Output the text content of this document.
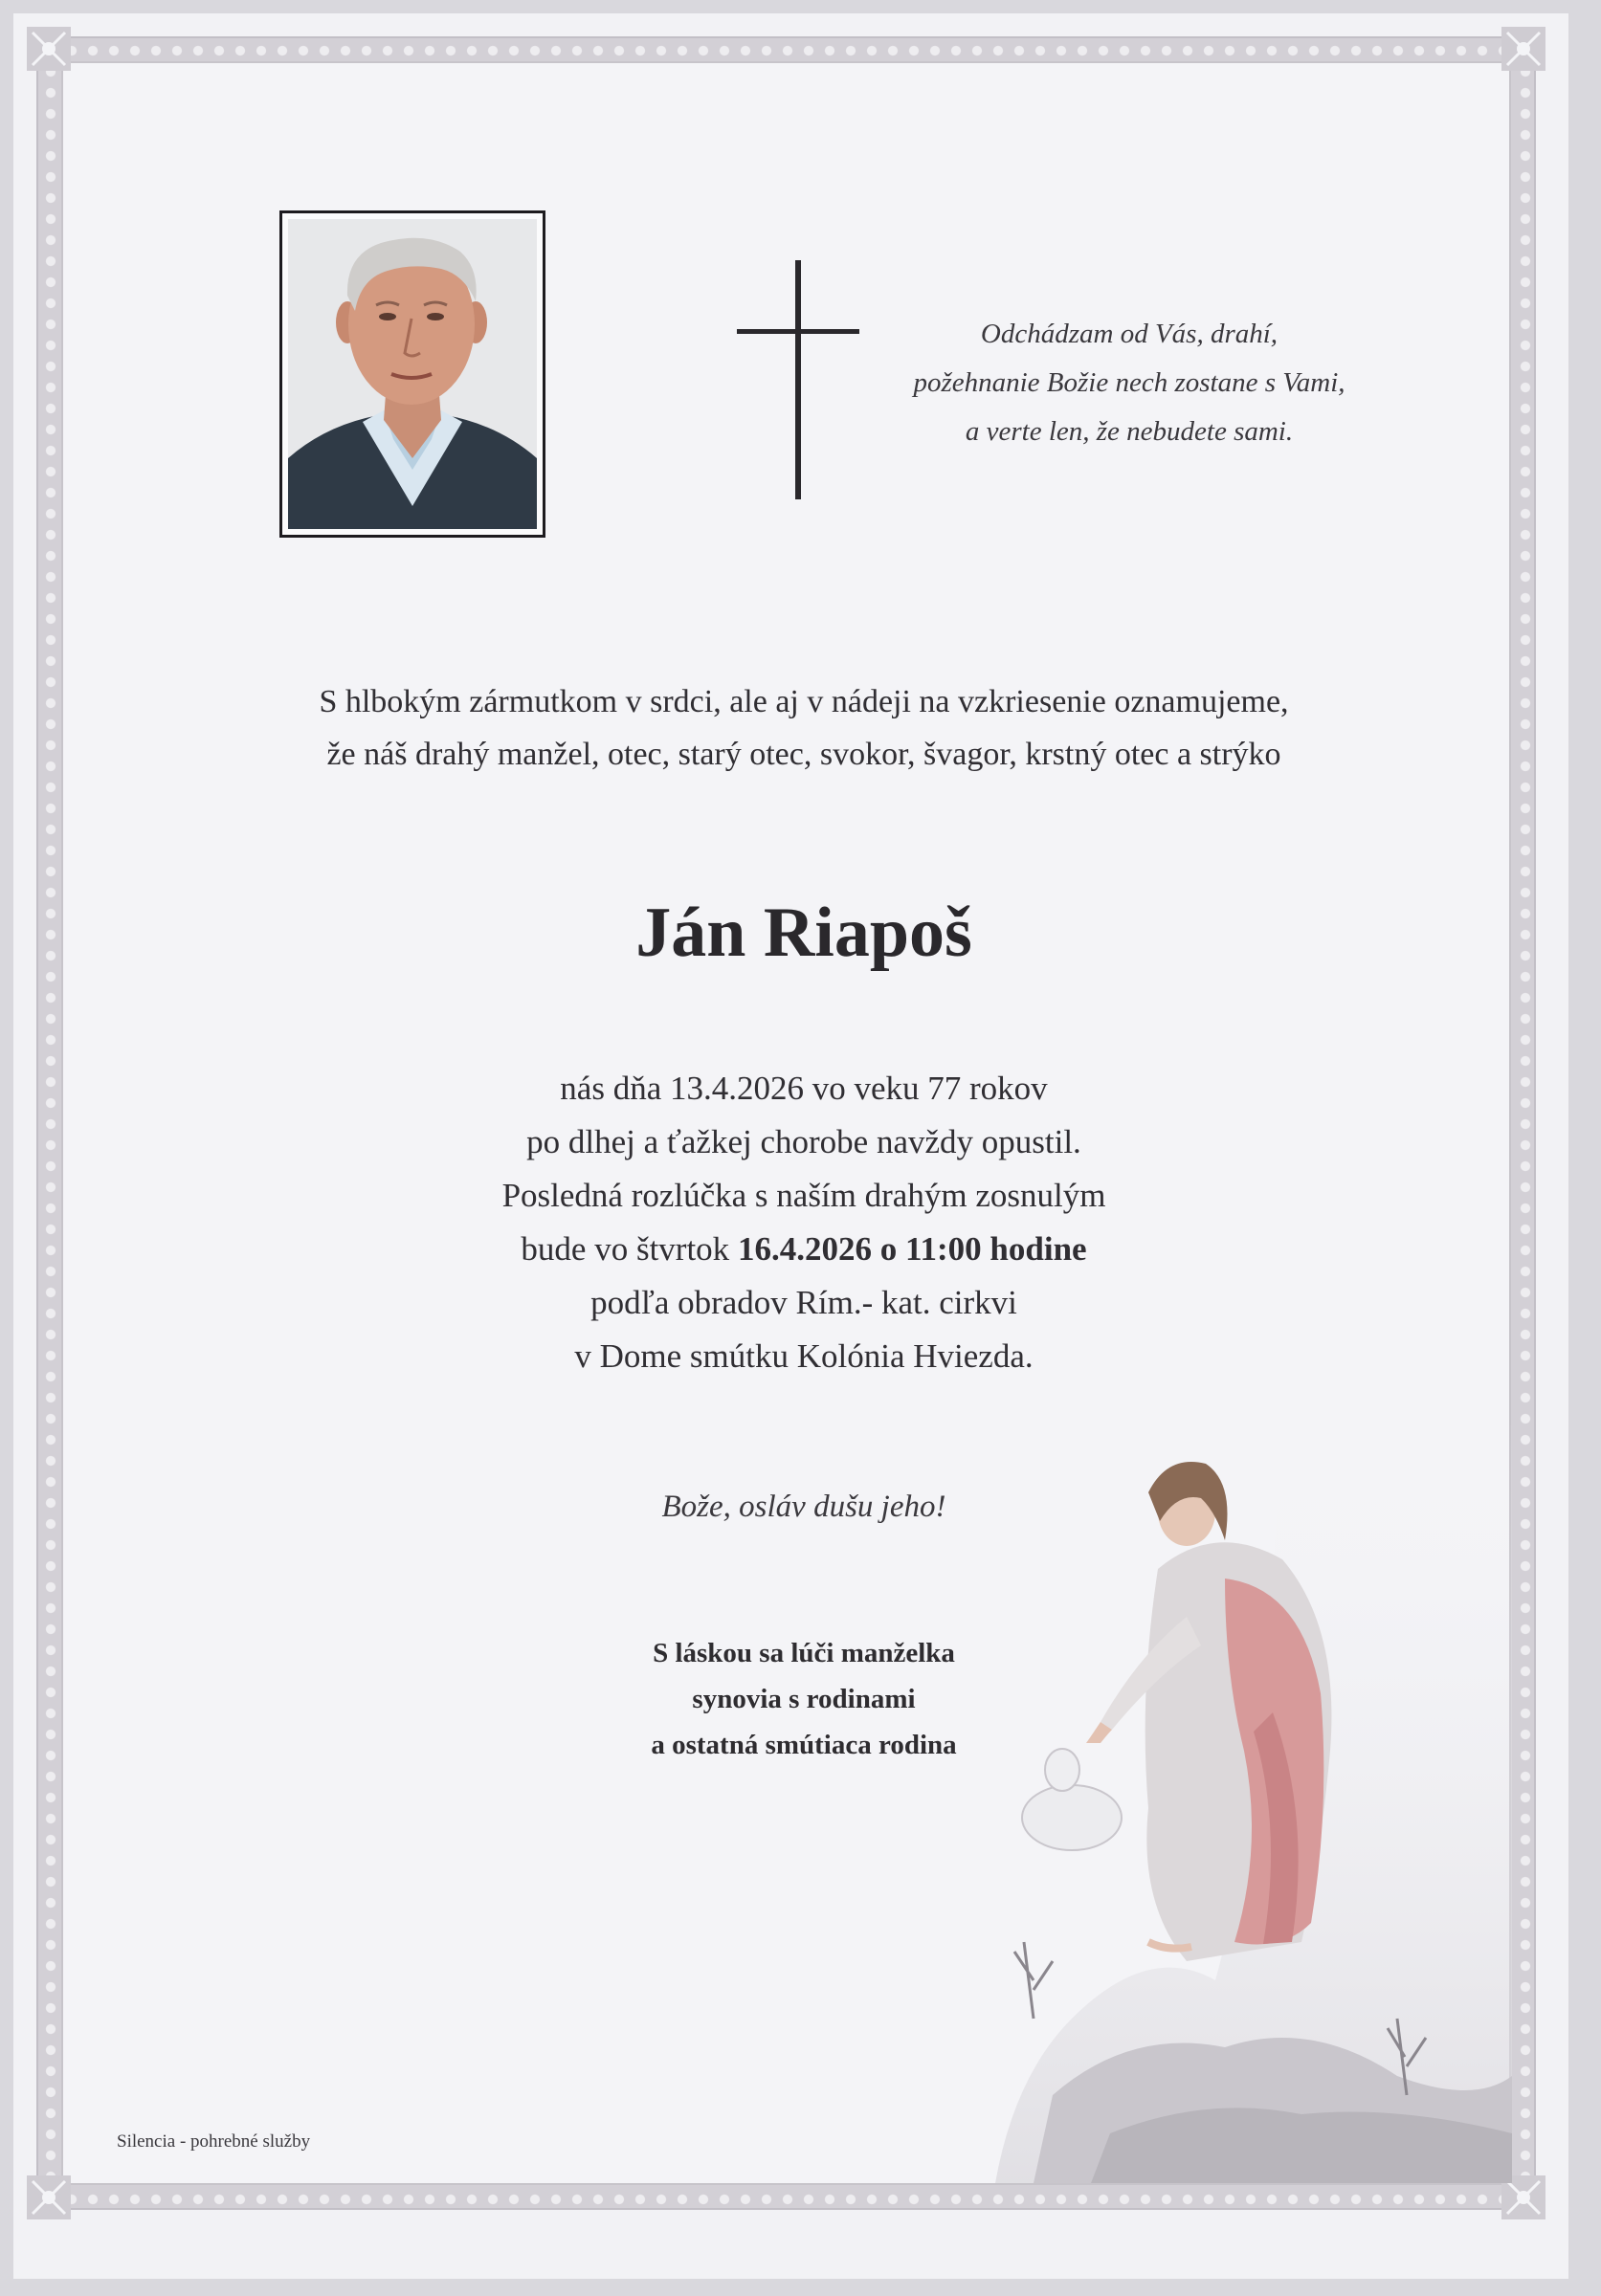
Odchádzam od Vás, drahí,
požehnanie Božie nech zostane s Vami,
a verte len, že nebudete sami.
S hlbokým zármutkom v srdci, ale aj v nádeji na vzkriesenie oznamujeme,
že náš drahý manžel, otec, starý otec, svokor, švagor, krstný otec a strýko
Ján Riapoš
nás dňa 13.4.2026 vo veku 77 rokov
po dlhej a ťažkej chorobe navždy opustil.
Posledná rozlúčka s naším drahým zosnulým
bude vo štvrtok 16.4.2026 o 11:00 hodine
podľa obradov Rím.- kat. cirkvi
v Dome smútku Kolónia Hviezda.
Bože, osláv dušu jeho!
S láskou sa lúči manželka
synovia s rodinami
a ostatná smútiaca rodina
Silencia - pohrebné služby
